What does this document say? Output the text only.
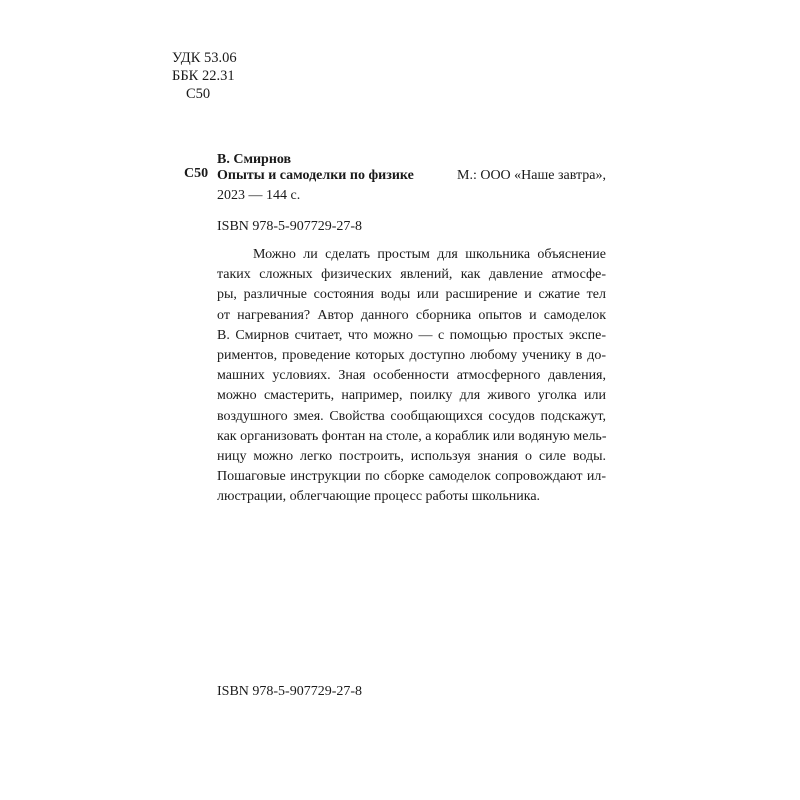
УДК 53.06
ББК 22.31
С50
В. Смирнов
С50 Опыты и самоделки по физике	М.: ООО «Наше завтра»,
2023 — 144 с.
ISBN 978-5-907729-27-8
Можно ли сделать простым для школьника объяснение
таких сложных физических явлений, как давление атмосфе-
ры, различные состояния воды или расширение и сжатие тел
от нагревания? Автор данного сборника опытов и самоделок
В. Смирнов считает, что можно — с помощью простых экспе-
риментов, проведение которых доступно любому ученику в до-
машних условиях. Зная особенности атмосферного давления,
можно смастерить, например, поилку для живого уголка или
воздушного змея. Свойства сообщающихся сосудов подскажут,
как организовать фонтан на столе, а кораблик или водяную мель-
ницу можно легко построить, используя знания о силе воды.
Пошаговые инструкции по сборке самоделок сопровождают ил-
люстрации, облегчающие процесс работы школьника.
ISBN 978-5-907729-27-8
